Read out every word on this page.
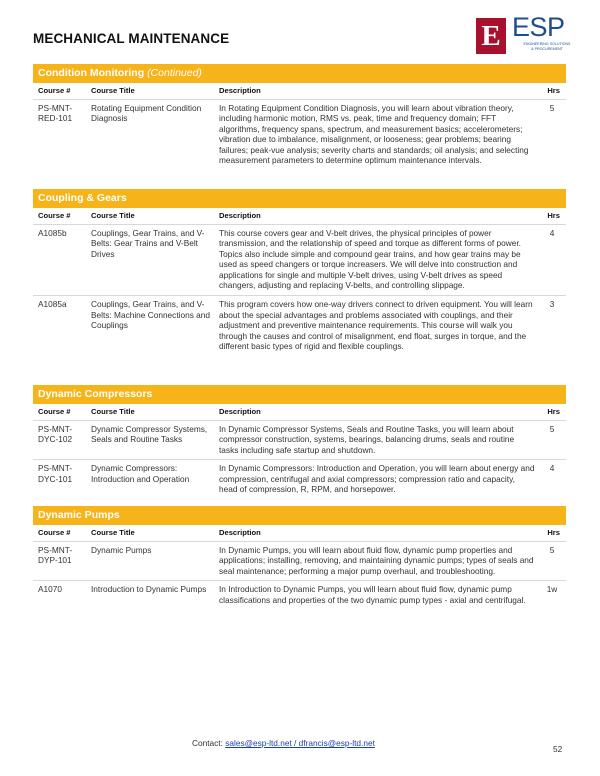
MECHANICAL MAINTENANCE	E ESP
ENGINEERING SOLUTIONS
& PROCUREMENT
Condition Monitoring (Continued)
Course #	Course Title	Description	Hrs
PS-MNT-RED-101	Rotating Equipment Condition Diagnosis	In Rotating Equipment Condition Diagnosis, you will learn about vibration theory, including harmonic motion, RMS vs. peak, time and frequency domain; FFT algorithms, frequency spans, spectrum, and measurement basics; accelerometers; vibration due to imbalance, misalignment, or looseness; gear problems; bearing failures; peak-vue analysis; severity charts and standards; oil analysis; and selecting measurement parameters to determine optimum maintenance intervals.	5
Coupling & Gears
Course #	Course Title	Description	Hrs
A1085b	Couplings, Gear Trains, and V-Belts: Gear Trains and V-Belt Drives	This course covers gear and V-belt drives, the physical principles of power transmission, and the relationship of speed and torque as different forms of power. Topics also include simple and compound gear trains, and how gear trains may be used as speed changers or torque increasers. We will delve into construction and applications for single and multiple V-belt drives, using V-belt drives as speed changers, adjusting and replacing V-belts, and controlling slippage.	4
A1085a	Couplings, Gear Trains, and V-Belts: Machine Connections and Couplings	This program covers how one-way drivers connect to driven equipment. You will learn about the special advantages and problems associated with couplings, and their adjustment and preventive maintenance requirements. This course will walk you through the causes and control of misalignment, end float, surges in torque, and the different basic types of rigid and flexible couplings.	3
Dynamic Compressors
Course #	Course Title	Description	Hrs
PS-MNT-DYC-102	Dynamic Compressor Systems, Seals and Routine Tasks	In Dynamic Compressor Systems, Seals and Routine Tasks, you will learn about compressor construction, systems, bearings, balancing drums, seals and routine tasks including safe startup and shutdown.	5
PS-MNT-DYC-101	Dynamic Compressors: Introduction and Operation	In Dynamic Compressors: Introduction and Operation, you will learn about energy and compression, centrifugal and axial compressors; compression ratio and capacity, head of compression, R, RPM, and horsepower.	4
Dynamic Pumps
Course #	Course Title	Description	Hrs
PS-MNT-DYP-101	Dynamic Pumps	In Dynamic Pumps, you will learn about fluid flow, dynamic pump properties and applications; installing, removing, and maintaining dynamic pumps; types of seals and seal maintenance; performing a major pump overhaul, and troubleshooting.	5
A1070	Introduction to Dynamic Pumps	In Introduction to Dynamic Pumps, you will learn about fluid flow, dynamic pump classifications and properties of the two dynamic pump types - axial and centrifugal.	1w
Contact: sales@esp-ltd.net / dfrancis@esp-ltd.net
52
